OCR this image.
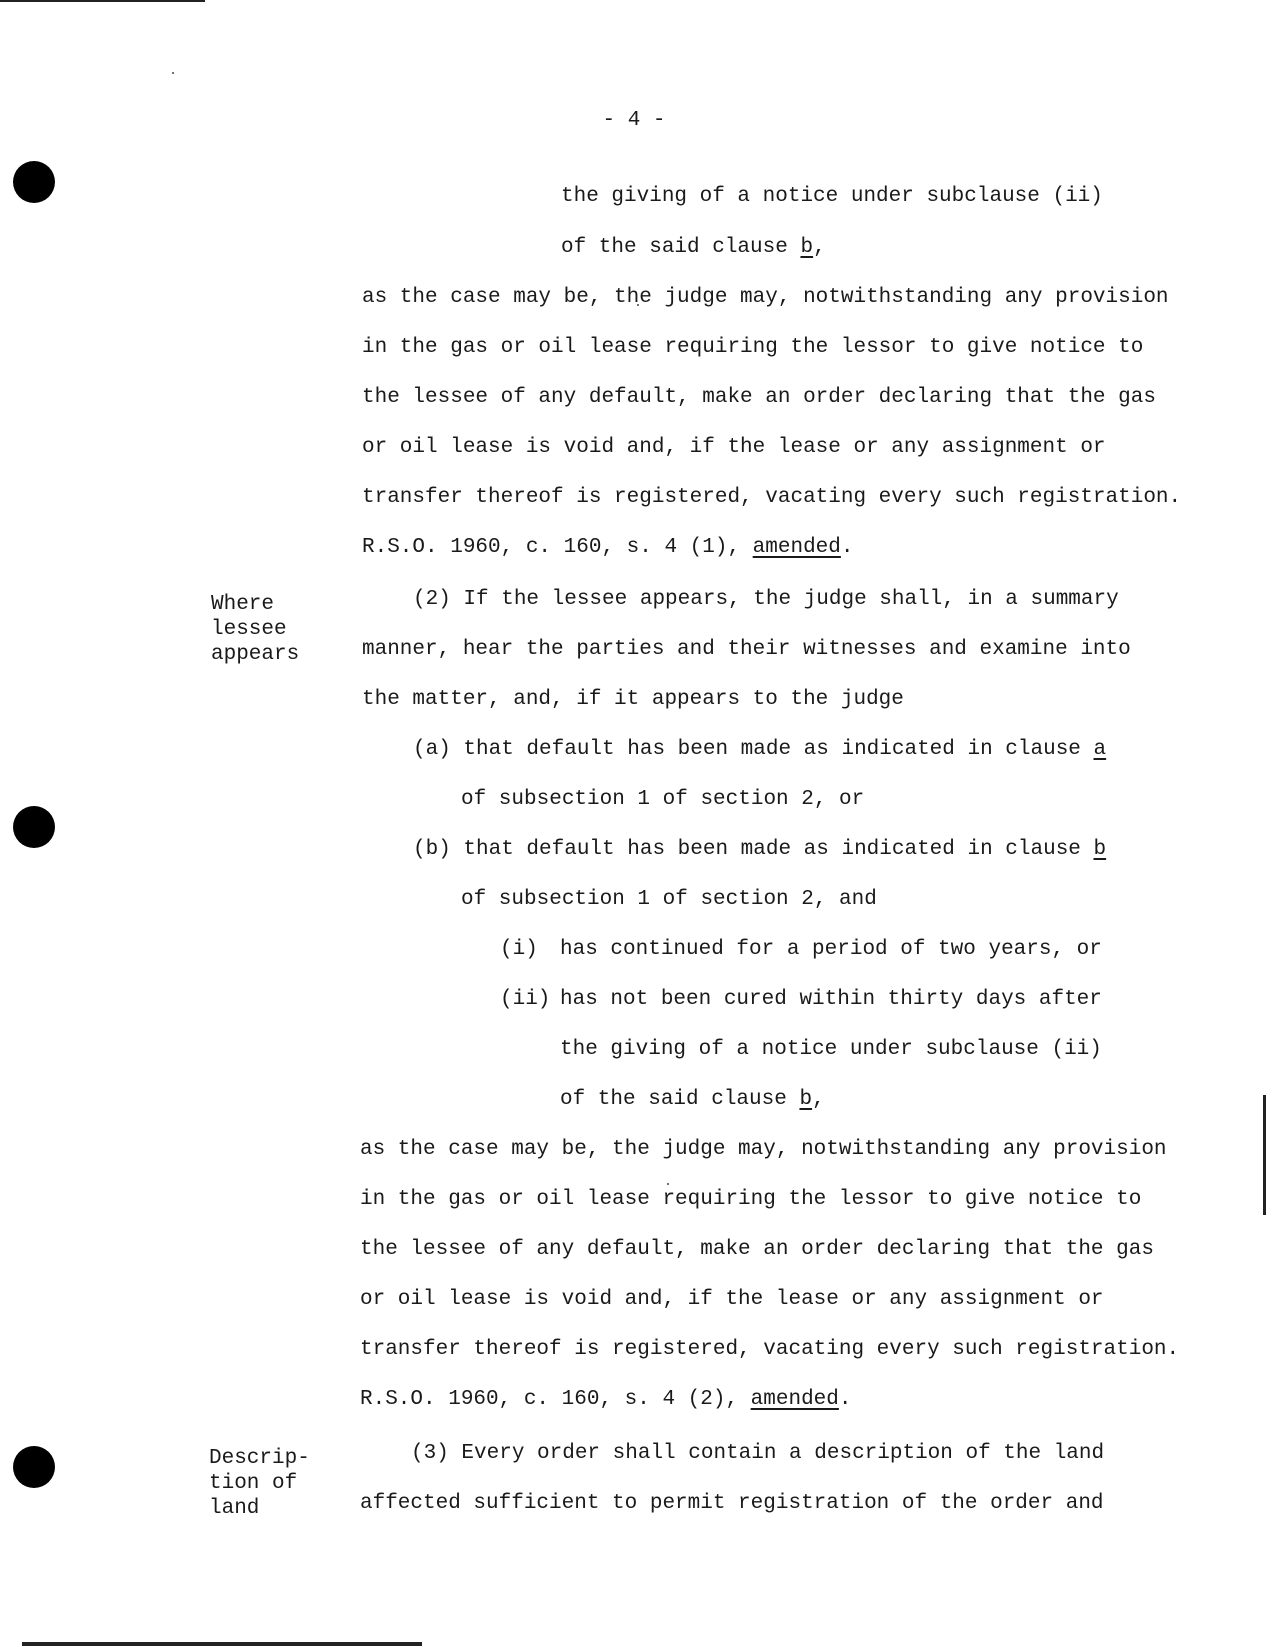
- 4 -
the giving of a notice under subclause (ii)
of the said clause b,
as the case may be, the judge may, notwithstanding any provision
in the gas or oil lease requiring the lessor to give notice to
the lessee of any default, make an order declaring that the gas
or oil lease is void and, if the lease or any assignment or
transfer thereof is registered, vacating every such registration.
R.S.O. 1960, c. 160, s. 4 (1), amended.
Where
lessee
appears
(2) If the lessee appears, the judge shall, in a summary
manner, hear the parties and their witnesses and examine into
the matter, and, if it appears to the judge
(a) that default has been made as indicated in clause a
of subsection 1 of section 2, or
(b) that default has been made as indicated in clause b
of subsection 1 of section 2, and
(i) has continued for a period of two years, or
(ii) has not been cured within thirty days after
the giving of a notice under subclause (ii)
of the said clause b,
as the case may be, the judge may, notwithstanding any provision
in the gas or oil lease requiring the lessor to give notice to
the lessee of any default, make an order declaring that the gas
or oil lease is void and, if the lease or any assignment or
transfer thereof is registered, vacating every such registration.
R.S.O. 1960, c. 160, s. 4 (2), amended.
Descrip-
tion of
land
(3) Every order shall contain a description of the land
affected sufficient to permit registration of the order and
